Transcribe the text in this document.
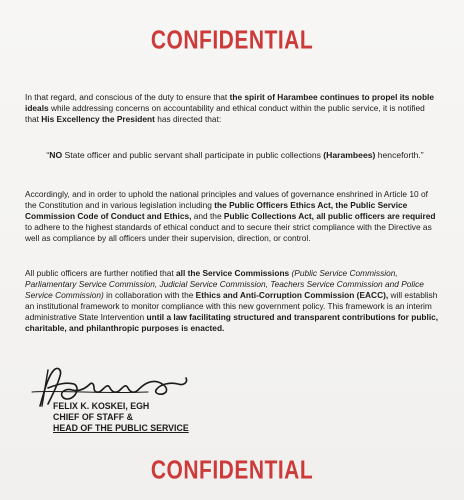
CONFIDENTIAL
In that regard, and conscious of the duty to ensure that the spirit of Harambee continues to propel its noble ideals while addressing concerns on accountability and ethical conduct within the public service, it is notified that His Excellency the President has directed that:
“NO State officer and public servant shall participate in public collections (Harambees) henceforth.”
Accordingly, and in order to uphold the national principles and values of governance enshrined in Article 10 of the Constitution and in various legislation including the Public Officers Ethics Act, the Public Service Commission Code of Conduct and Ethics, and the Public Collections Act, all public officers are required to adhere to the highest standards of ethical conduct and to secure their strict compliance with the Directive as well as compliance by all officers under their supervision, direction, or control.
All public officers are further notified that all the Service Commissions (Public Service Commission, Parliamentary Service Commission, Judicial Service Commission, Teachers Service Commission and Police Service Commission) in collaboration with the Ethics and Anti-Corruption Commission (EACC), will establish an institutional framework to monitor compliance with this new government policy. This framework is an interim administrative State Intervention until a law facilitating structured and transparent contributions for public, charitable, and philanthropic purposes is enacted.
FELIX K. KOSKEI, EGH
CHIEF OF STAFF &
HEAD OF THE PUBLIC SERVICE
CONFIDENTIAL
